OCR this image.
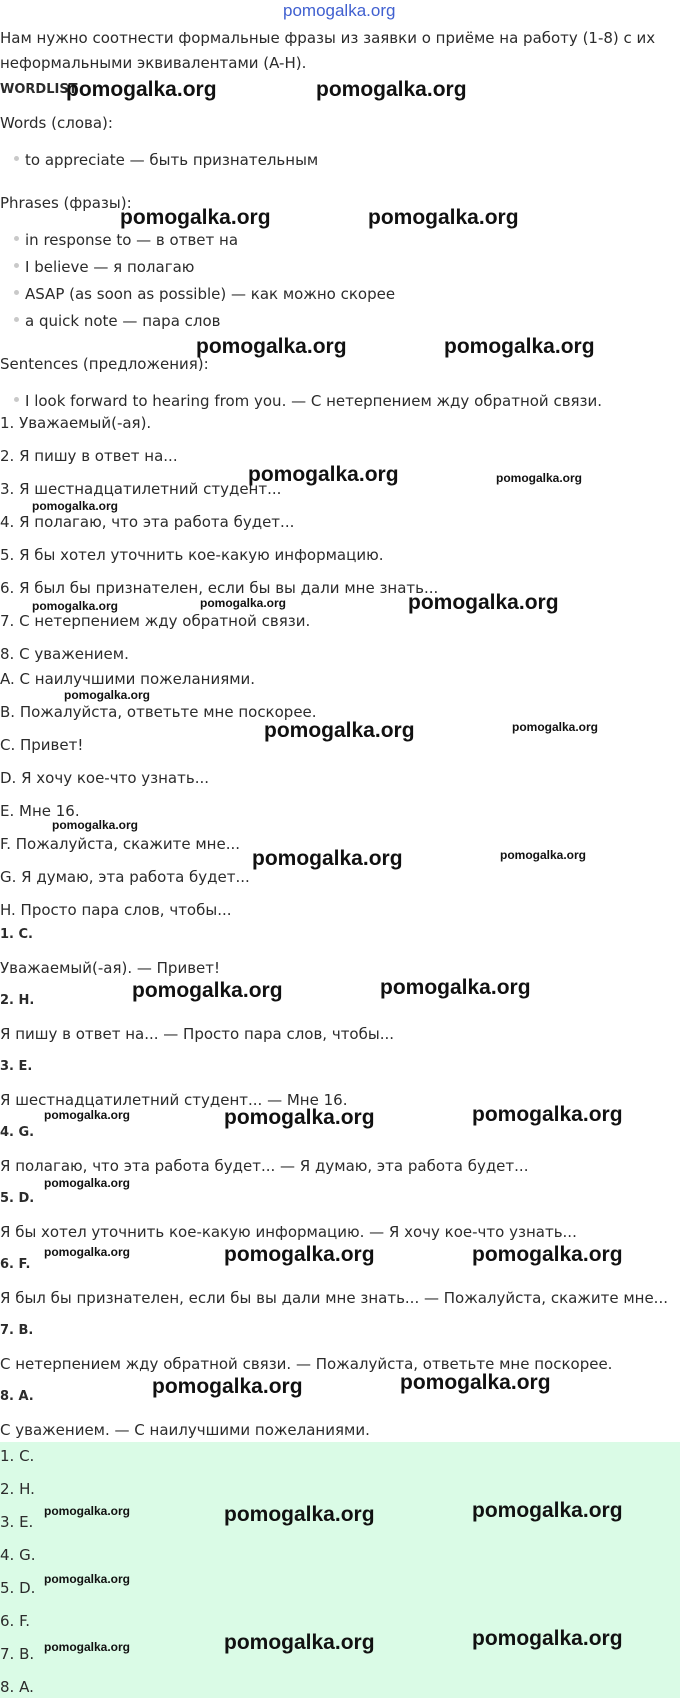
pomogalka.org
Нам нужно соотнести формальные фразы из заявки о приёме на работу (1-8) с их
неформальными эквивалентами (A-H).
WORDLIST
Words (слова):
to appreciate — быть признательным
Phrases (фразы):
in response to — в ответ на
I believe — я полагаю
ASAP (as soon as possible) — как можно скорее
a quick note — пара слов
Sentences (предложения):
I look forward to hearing from you. — С нетерпением жду обратной связи.
1. Уважаемый(-ая).
2. Я пишу в ответ на...
3. Я шестнадцатилетний студент...
4. Я полагаю, что эта работа будет...
5. Я бы хотел уточнить кое-какую информацию.
6. Я был бы признателен, если бы вы дали мне знать...
7. С нетерпением жду обратной связи.
8. С уважением.
A. С наилучшими пожеланиями.
B. Пожалуйста, ответьте мне поскорее.
C. Привет!
D. Я хочу кое-что узнать...
E. Мне 16.
F. Пожалуйста, скажите мне...
G. Я думаю, эта работа будет...
H. Просто пара слов, чтобы...
1. C.
Уважаемый(-ая). — Привет!
2. H.
Я пишу в ответ на... — Просто пара слов, чтобы...
3. E.
Я шестнадцатилетний студент... — Мне 16.
4. G.
Я полагаю, что эта работа будет... — Я думаю, эта работа будет...
5. D.
Я бы хотел уточнить кое-какую информацию. — Я хочу кое-что узнать...
6. F.
Я был бы признателен, если бы вы дали мне знать... — Пожалуйста, скажите мне...
7. B.
С нетерпением жду обратной связи. — Пожалуйста, ответьте мне поскорее.
8. A.
С уважением. — С наилучшими пожеланиями.
1. C.
2. H.
3. E.
4. G.
5. D.
6. F.
7. B.
8. A.
pomogalka.org	pomogalka.org
pomogalka.org	pomogalka.org
pomogalka.org	pomogalka.org
pomogalka.org	pomogalka.org
pomogalka.org
pomogalka.org
pomogalka.org	pomogalka.org
pomogalka.org
pomogalka.org	pomogalka.org
pomogalka.org
pomogalka.org	pomogalka.org
pomogalka.org	pomogalka.org
pomogalka.org	pomogalka.org	pomogalka.org
pomogalka.org
pomogalka.org	pomogalka.org	pomogalka.org
pomogalka.org	pomogalka.org
pomogalka.org	pomogalka.org	pomogalka.org
pomogalka.org
pomogalka.org	pomogalka.org	pomogalka.org
